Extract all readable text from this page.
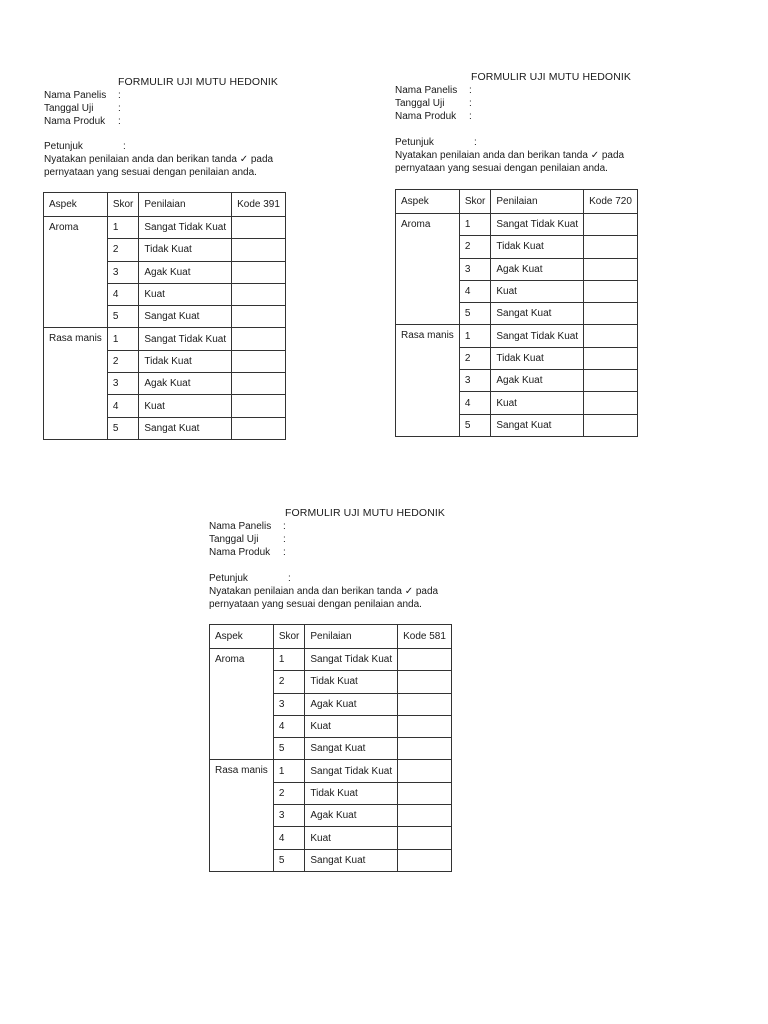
FORMULIR UJI MUTU HEDONIK
Nama Panelis :
Tanggal Uji :
Nama Produk :
Petunjuk	:
Nyatakan penilaian anda dan berikan tanda ✓ pada
pernyataan yang sesuai dengan penilaian anda.
Aspek	Skor	Penilaian	Kode 391
Aroma	1	Sangat Tidak Kuat	
	2	Tidak Kuat	
	3	Agak Kuat	
	4	Kuat	
	5	Sangat Kuat	
Rasa manis	1	Sangat Tidak Kuat	
	2	Tidak Kuat	
	3	Agak Kuat	
	4	Kuat	
	5	Sangat Kuat	
FORMULIR UJI MUTU HEDONIK
Nama Panelis :
Tanggal Uji :
Nama Produk :
Petunjuk	:
Nyatakan penilaian anda dan berikan tanda ✓ pada
pernyataan yang sesuai dengan penilaian anda.
Aspek	Skor	Penilaian	Kode 720
Aroma	1	Sangat Tidak Kuat	
	2	Tidak Kuat	
	3	Agak Kuat	
	4	Kuat	
	5	Sangat Kuat	
Rasa manis	1	Sangat Tidak Kuat	
	2	Tidak Kuat	
	3	Agak Kuat	
	4	Kuat	
	5	Sangat Kuat	
FORMULIR UJI MUTU HEDONIK
Nama Panelis :
Tanggal Uji :
Nama Produk :
Petunjuk	:
Nyatakan penilaian anda dan berikan tanda ✓ pada
pernyataan yang sesuai dengan penilaian anda.
Aspek	Skor	Penilaian	Kode 581
Aroma	1	Sangat Tidak Kuat	
	2	Tidak Kuat	
	3	Agak Kuat	
	4	Kuat	
	5	Sangat Kuat	
Rasa manis	1	Sangat Tidak Kuat	
	2	Tidak Kuat	
	3	Agak Kuat	
	4	Kuat	
	5	Sangat Kuat	
